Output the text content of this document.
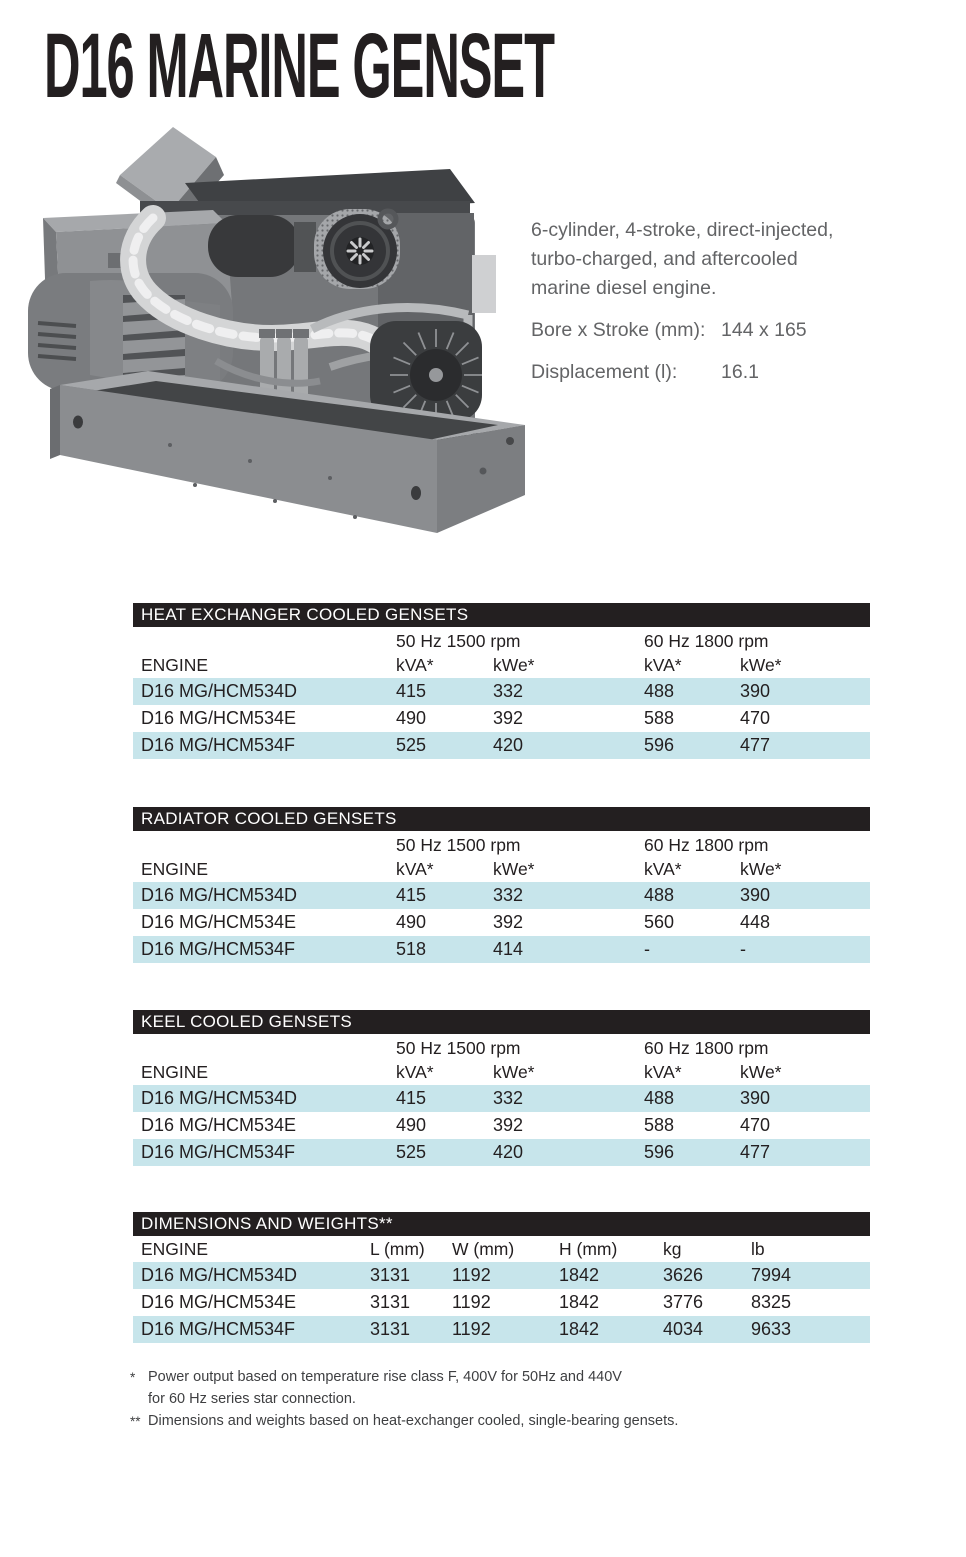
D16 MARINE GENSET
6-cylinder, 4-stroke, direct-injected,
turbo-charged, and aftercooled
marine diesel engine.
Bore x Stroke (mm): 144 x 165
Displacement (l):	16.1
HEAT EXCHANGER COOLED GENSETS
50 Hz 1500 rpm	60 Hz 1800 rpm
ENGINE	kVA*	kWe*	kVA*	kWe*
D16 MG/HCM534D	415	332	488	390
D16 MG/HCM534E	490	392	588	470
D16 MG/HCM534F	525	420	596	477
RADIATOR COOLED GENSETS
50 Hz 1500 rpm	60 Hz 1800 rpm
ENGINE	kVA*	kWe*	kVA*	kWe*
D16 MG/HCM534D	415	332	488	390
D16 MG/HCM534E	490	392	560	448
D16 MG/HCM534F	518	414	-	-
KEEL COOLED GENSETS
50 Hz 1500 rpm	60 Hz 1800 rpm
ENGINE	kVA*	kWe*	kVA*	kWe*
D16 MG/HCM534D	415	332	488	390
D16 MG/HCM534E	490	392	588	470
D16 MG/HCM534F	525	420	596	477
DIMENSIONS AND WEIGHTS**
ENGINE	L (mm)	W (mm)	H (mm)	kg	lb
D16 MG/HCM534D	3131	1192	1842	3626	7994
D16 MG/HCM534E	3131	1192	1842	3776	8325
D16 MG/HCM534F	3131	1192	1842	4034	9633
* Power output based on temperature rise class F, 400V for 50Hz and 440V
for 60 Hz series star connection.
** Dimensions and weights based on heat-exchanger cooled, single-bearing gensets.
